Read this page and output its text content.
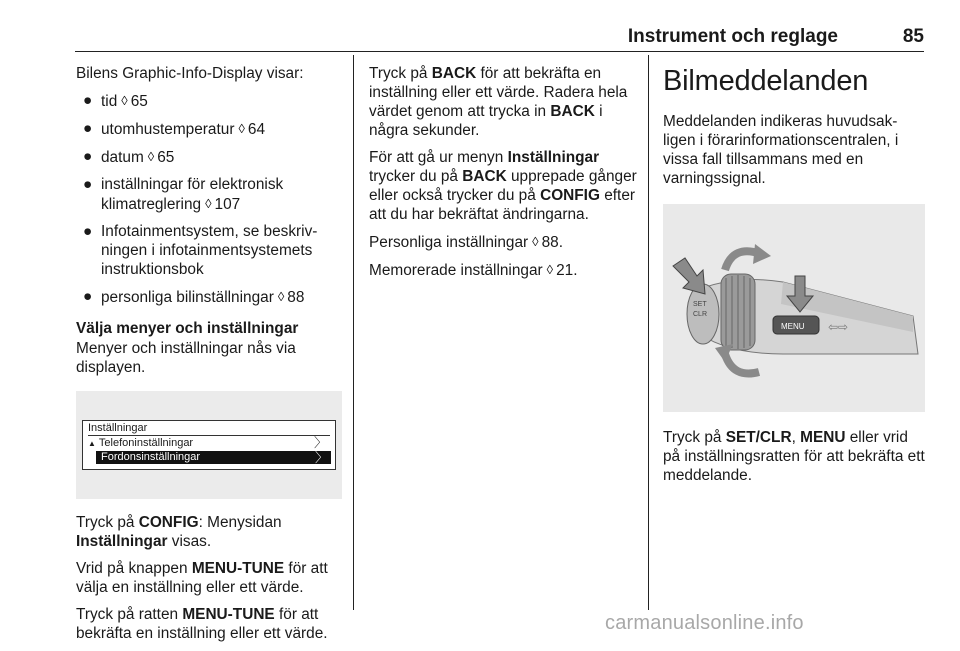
Instrument och reglage	85

Bilens Graphic-Info-Display visar:

● tid ◊ 65
● utomhustemperatur ◊ 64
● datum ◊ 65
● inställningar för elektronisk klimatreglering ◊ 107
● Infotainmentsystem, se beskriv-ningen i infotainmentsystemets instruktionsbok
● personliga bilinställningar ◊ 88
Välja menyer och inställningar

Menyer och inställningar nås via displayen.

Inställningar
▲ Telefoninställningar	〉
Fordonsinställningar	〉

Tryck på CONFIG: Menysidan Inställningar visas.

Vrid på knappen MENU-TUNE för att välja en inställning eller ett värde.

Tryck på ratten MENU-TUNE för att bekräfta en inställning eller ett värde.

Tryck på BACK för att bekräfta en inställning eller ett värde. Radera hela värdet genom att trycka in BACK i några sekunder.

För att gå ur menyn Inställningar trycker du på BACK upprepade gånger eller också trycker du på CONFIG efter att du har bekräftat ändringarna.

Personliga inställningar ◊ 88.

Memorerade inställningar ◊ 21.

Bilmeddelanden

Meddelanden indikeras huvudsak-ligen i förarinformationscentralen, i vissa fall tillsammans med en varningssignal.

SET
CLR
MENU ⇦⇨

Tryck på SET/CLR, MENU eller vrid på inställningsratten för att bekräfta ett meddelande.

carmanualsonline.info
